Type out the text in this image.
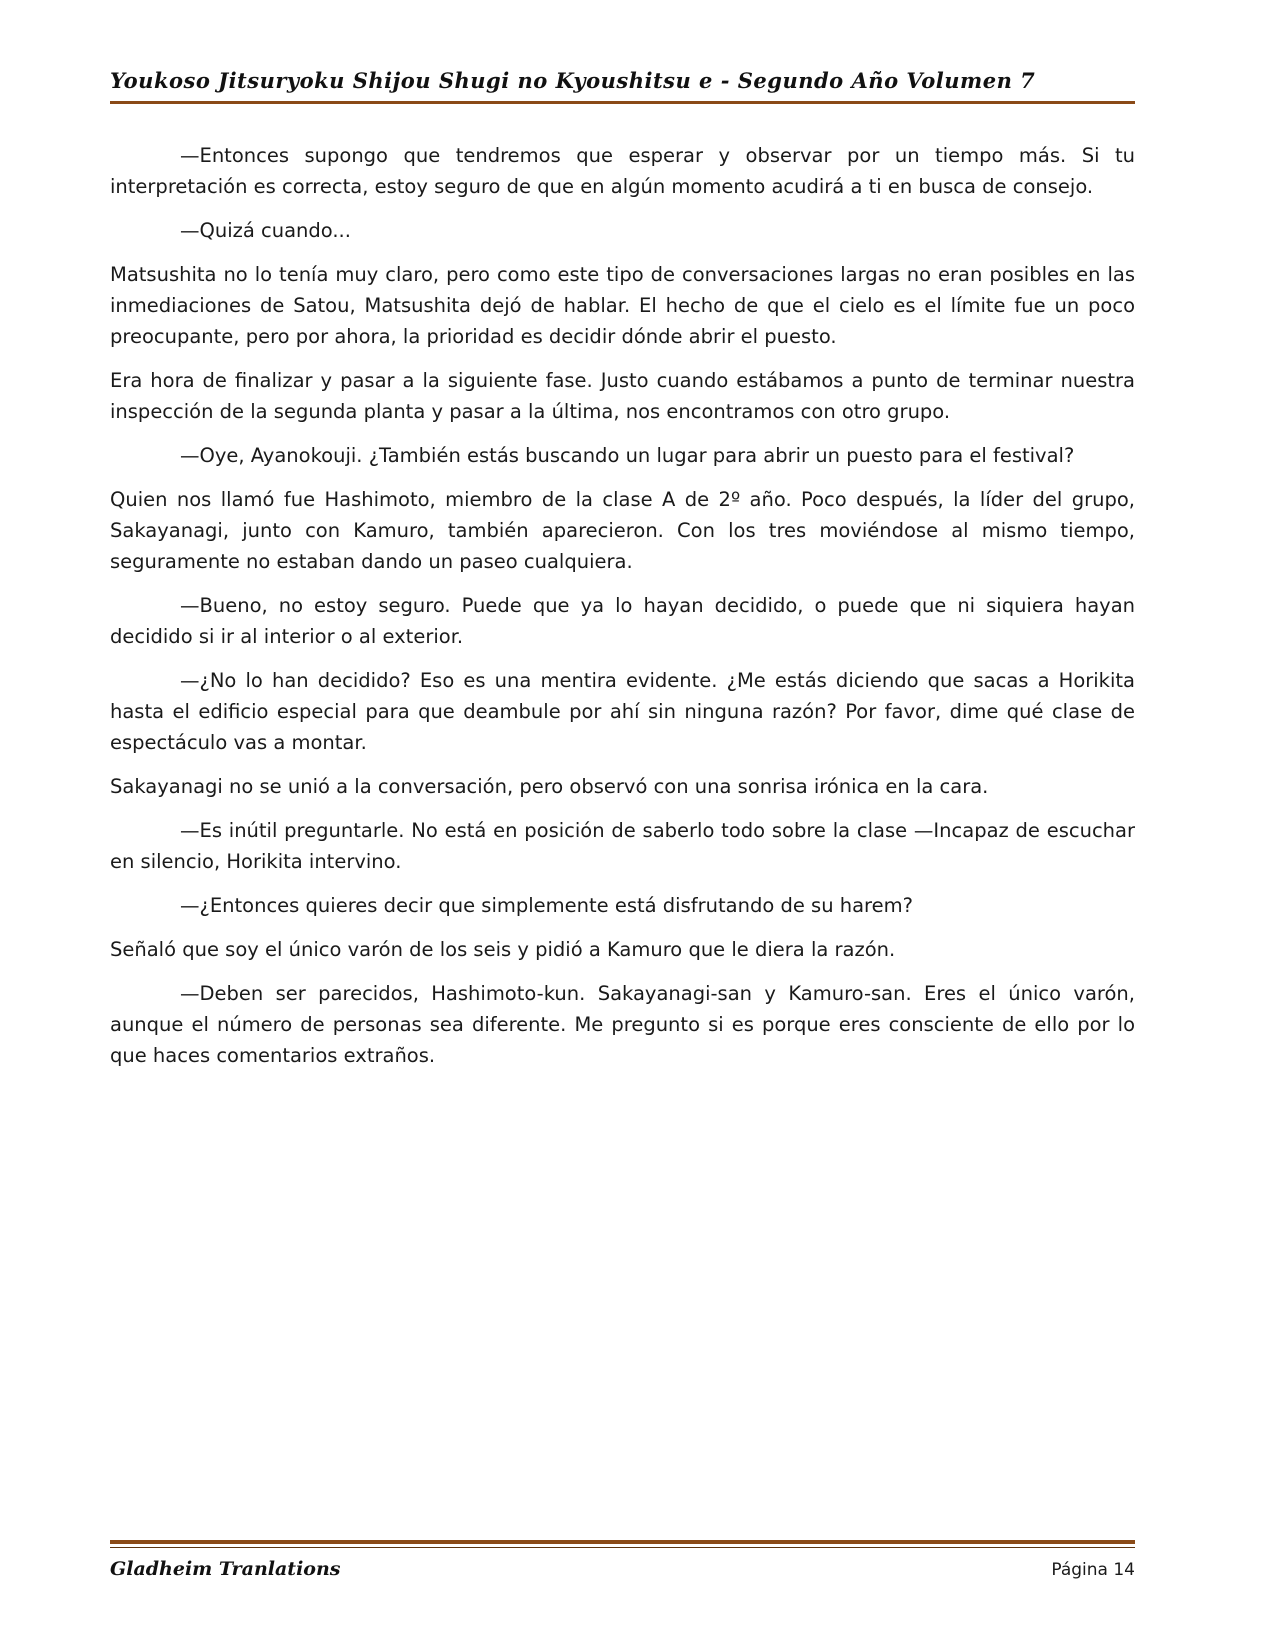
Youkoso Jitsuryoku Shijou Shugi no Kyoushitsu e - Segundo Año Volumen 7

—Entonces supongo que tendremos que esperar y observar por un tiempo más. Si tu interpretación es correcta, estoy seguro de que en algún momento acudirá a ti en busca de consejo.

—Quizá cuando...

Matsushita no lo tenía muy claro, pero como este tipo de conversaciones largas no eran posibles en las inmediaciones de Satou, Matsushita dejó de hablar. El hecho de que el cielo es el límite fue un poco preocupante, pero por ahora, la prioridad es decidir dónde abrir el puesto.

Era hora de finalizar y pasar a la siguiente fase. Justo cuando estábamos a punto de terminar nuestra inspección de la segunda planta y pasar a la última, nos encontramos con otro grupo.

—Oye, Ayanokouji. ¿También estás buscando un lugar para abrir un puesto para el festival?

Quien nos llamó fue Hashimoto, miembro de la clase A de 2º año. Poco después, la líder del grupo, Sakayanagi, junto con Kamuro, también aparecieron. Con los tres moviéndose al mismo tiempo, seguramente no estaban dando un paseo cualquiera.

—Bueno, no estoy seguro. Puede que ya lo hayan decidido, o puede que ni siquiera hayan decidido si ir al interior o al exterior.

—¿No lo han decidido? Eso es una mentira evidente. ¿Me estás diciendo que sacas a Horikita hasta el edificio especial para que deambule por ahí sin ninguna razón? Por favor, dime qué clase de espectáculo vas a montar.

Sakayanagi no se unió a la conversación, pero observó con una sonrisa irónica en la cara.

—Es inútil preguntarle. No está en posición de saberlo todo sobre la clase —Incapaz de escuchar en silencio, Horikita intervino.

—¿Entonces quieres decir que simplemente está disfrutando de su harem?

Señaló que soy el único varón de los seis y pidió a Kamuro que le diera la razón.

—Deben ser parecidos, Hashimoto-kun. Sakayanagi-san y Kamuro-san. Eres el único varón, aunque el número de personas sea diferente. Me pregunto si es porque eres consciente de ello por lo que haces comentarios extraños.

Gladheim Tranlations	Página 14
